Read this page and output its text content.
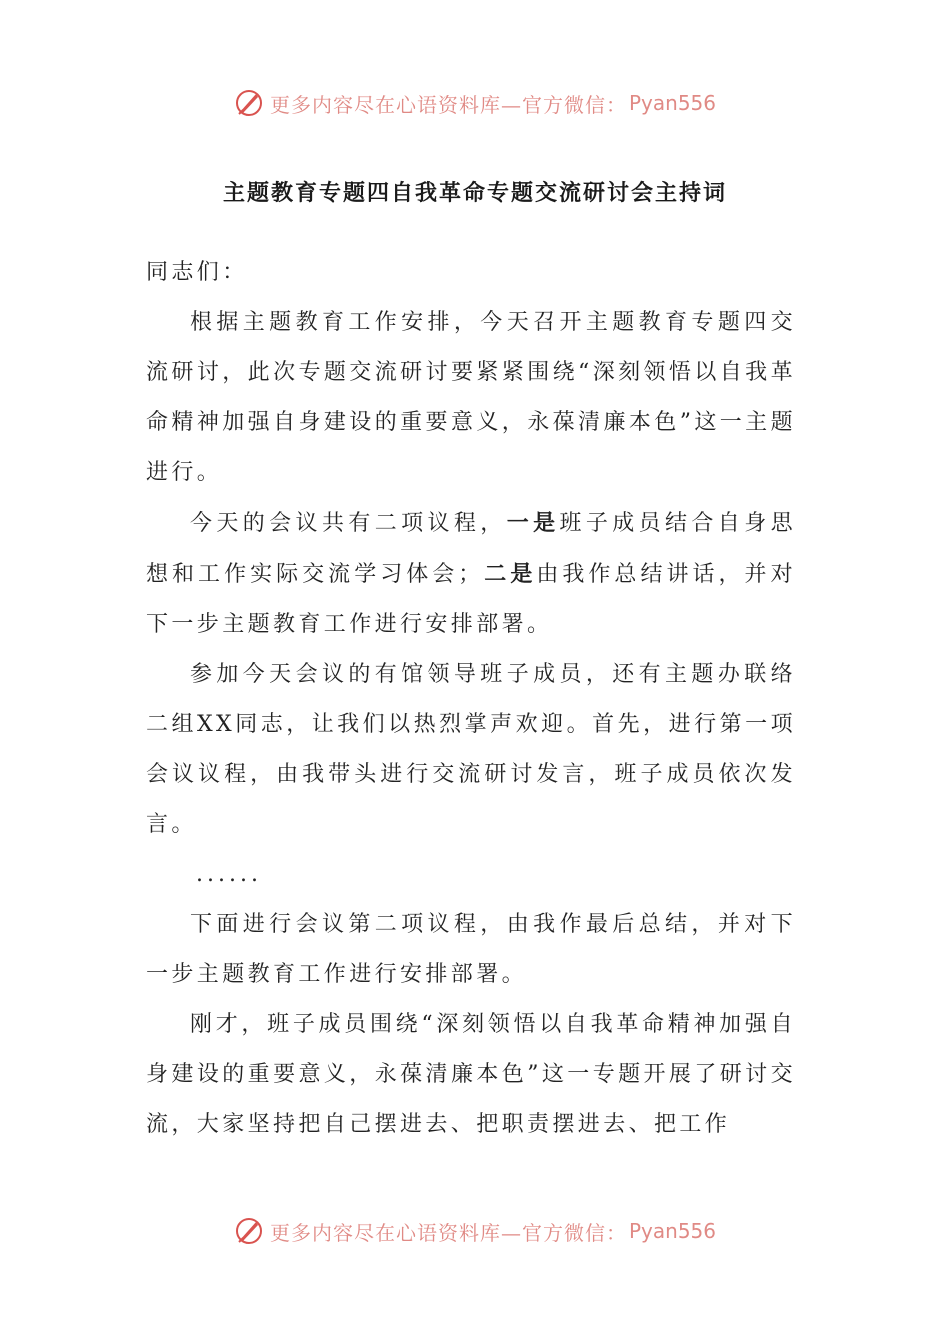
更多内容尽在心语资料库—官方微信： Pyan556
主题教育专题四自我革命专题交流研讨会主持词

同志们：

根据主题教育工作安排，今天召开主题教育专题四交流研讨，此次专题交流研讨要紧紧围绕“深刻领悟以自我革命精神加强自身建设的重要意义，永葆清廉本色”这一主题进行。

今天的会议共有二项议程，一是班子成员结合自身思想和工作实际交流学习体会；二是由我作总结讲话，并对下一步主题教育工作进行安排部署。

参加今天会议的有馆领导班子成员，还有主题办联络二组XX同志，让我们以热烈掌声欢迎。首先，进行第一项会议议程，由我带头进行交流研讨发言，班子成员依次发言。

......

下面进行会议第二项议程，由我作最后总结，并对下一步主题教育工作进行安排部署。

刚才，班子成员围绕“深刻领悟以自我革命精神加强自身建设的重要意义，永葆清廉本色”这一专题开展了研讨交流，大家坚持把自己摆进去、把职责摆进去、把工作

更多内容尽在心语资料库—官方微信： Pyan556
